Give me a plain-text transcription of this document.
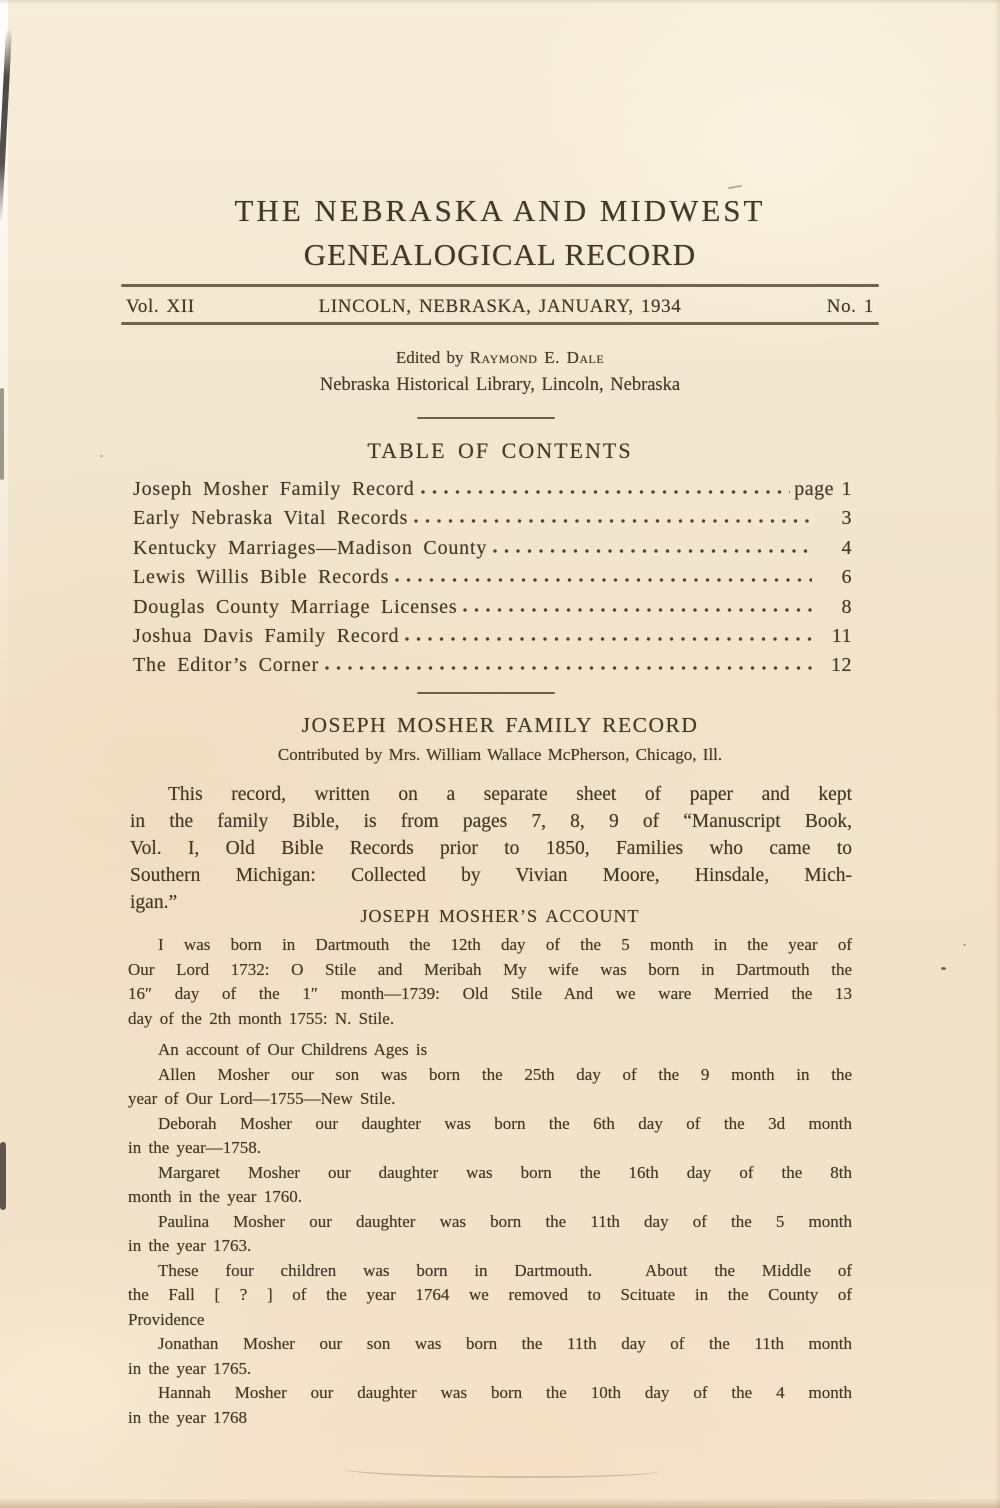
THE NEBRASKA AND MIDWEST
GENEALOGICAL RECORD
Vol. XII	LINCOLN, NEBRASKA, JANUARY, 1934	No. 1
Edited by Raymond E. Dale
Nebraska Historical Library, Lincoln, Nebraska
TABLE OF CONTENTS
Joseph Mosher Family Record	page 1
Early Nebraska Vital Records	3
Kentucky Marriages—Madison County	4
Lewis Willis Bible Records	6
Douglas County Marriage Licenses	8
Joshua Davis Family Record	11
The Editor’s Corner	12
JOSEPH MOSHER FAMILY RECORD
Contributed by Mrs. William Wallace McPherson, Chicago, Ill.
This record, written on a separate sheet of paper and kept
in the family Bible, is from pages 7, 8, 9 of “Manuscript Book,
Vol. I, Old Bible Records prior to 1850, Families who came to
Southern Michigan: Collected by Vivian Moore, Hinsdale, Mich-
igan.”
JOSEPH MOSHER’S ACCOUNT
I was born in Dartmouth the 12th day of the 5 month in the year of
Our Lord 1732: O Stile and Meribah My wife was born in Dartmouth the
16″ day of the 1″ month—1739: Old Stile And we ware Merried the 13
day of the 2th month 1755: N. Stile.
An account of Our Childrens Ages is
Allen Mosher our son was born the 25th day of the 9 month in the
year of Our Lord—1755—New Stile.
Deborah Mosher our daughter was born the 6th day of the 3d month
in the year—1758.
Margaret Mosher our daughter was born the 16th day of the 8th
month in the year 1760.
Paulina Mosher our daughter was born the 11th day of the 5 month
in the year 1763.
These four children was born in Dartmouth.  About the Middle of
the Fall [ ? ] of the year 1764 we removed to Scituate in the County of
Providence
Jonathan Mosher our son was born the 11th day of the 11th month
in the year 1765.
Hannah Mosher our daughter was born the 10th day of the 4 month
in the year 1768
